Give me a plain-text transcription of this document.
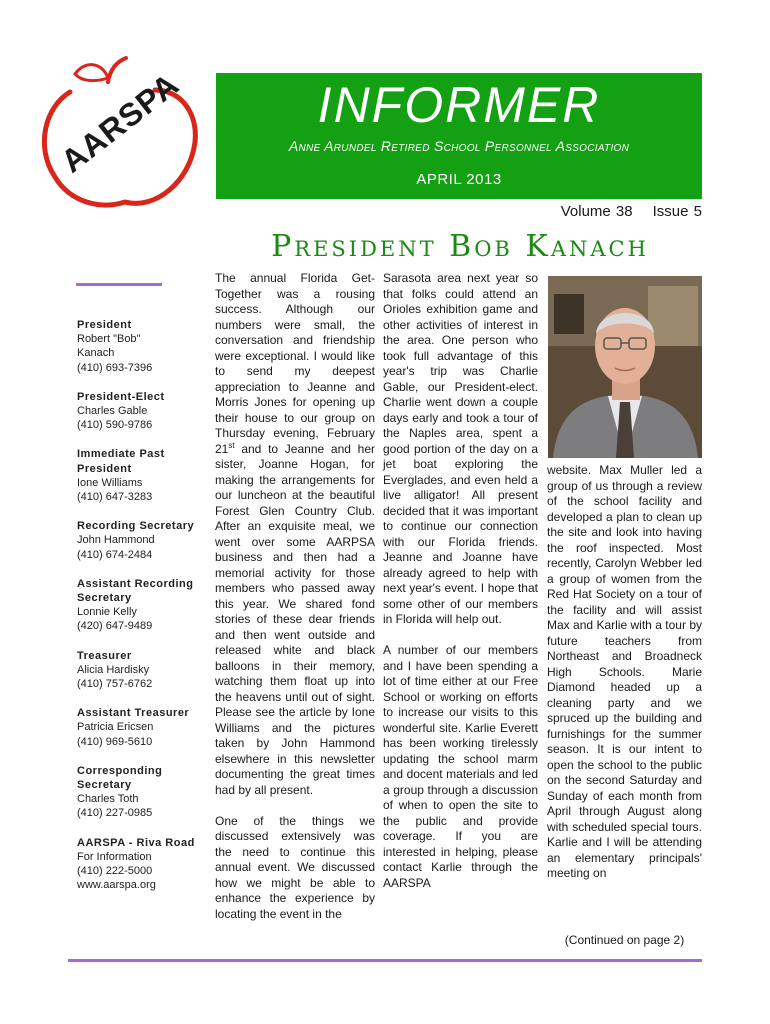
AARSPA	INFORMER
Anne Arundel Retired School Personnel Association
APRIL 2013
Volume 38 Issue 5
President Bob Kanach
President
Robert "Bob"
Kanach
(410) 693-7396
President-Elect
Charles Gable
(410) 590-9786
Immediate Past President
Ione Williams
(410) 647-3283
Recording Secretary
John Hammond
(410) 674-2484
Assistant Recording Secretary
Lonnie Kelly
(420) 647-9489
Treasurer
Alicia Hardisky
(410) 757-6762
Assistant Treasurer
Patricia Ericsen
(410) 969-5610
Corresponding Secretary
Charles Toth
(410) 227-0985
AARSPA - Riva Road
For Information
(410) 222-5000
www.aarspa.org

The annual Florida Get-Together was a rousing success. Although our numbers were small, the conversation and friendship were exceptional. I would like to send my deepest appreciation to Jeanne and Morris Jones for opening up their house to our group on Thursday evening, February 21st and to Jeanne and her sister, Joanne Hogan, for making the arrangements for our luncheon at the beautiful Forest Glen Country Club. After an exquisite meal, we went over some AARPSA business and then had a memorial activity for those members who passed away this year. We shared fond stories of these dear friends and then went outside and released white and black balloons in their memory, watching them float up into the heavens until out of sight. Please see the article by Ione Williams and the pictures taken by John Hammond elsewhere in this newsletter documenting the great times had by all present.

One of the things we discussed extensively was the need to continue this annual event. We discussed how we might be able to enhance the experience by locating the event in the

Sarasota area next year so that folks could attend an Orioles exhibition game and other activities of interest in the area. One person who took full advantage of this year's trip was Charlie Gable, our President-elect. Charlie went down a couple days early and took a tour of the Naples area, spent a good portion of the day on a jet boat exploring the Everglades, and even held a live alligator! All present decided that it was important to continue our connection with our Florida friends. Jeanne and Joanne have already agreed to help with next year's event. I hope that some other of our members in Florida will help out.

A number of our members and I have been spending a lot of time either at our Free School or working on efforts to increase our visits to this wonderful site. Karlie Everett has been working tirelessly updating the school marm and docent materials and led a group through a discussion of when to open the site to the public and provide coverage. If you are interested in helping, please contact Karlie through the AARSPA

website. Max Muller led a group of us through a review of the school facility and developed a plan to clean up the site and look into having the roof inspected. Most recently, Carolyn Webber led a group of women from the Red Hat Society on a tour of the facility and will assist Max and Karlie with a tour by future teachers from Northeast and Broadneck High Schools. Marie Diamond headed up a cleaning party and we spruced up the building and furnishings for the summer season. It is our intent to open the school to the public on the second Saturday and Sunday of each month from April through August along with scheduled special tours. Karlie and I will be attending an elementary principals' meeting on

(Continued on page 2)
